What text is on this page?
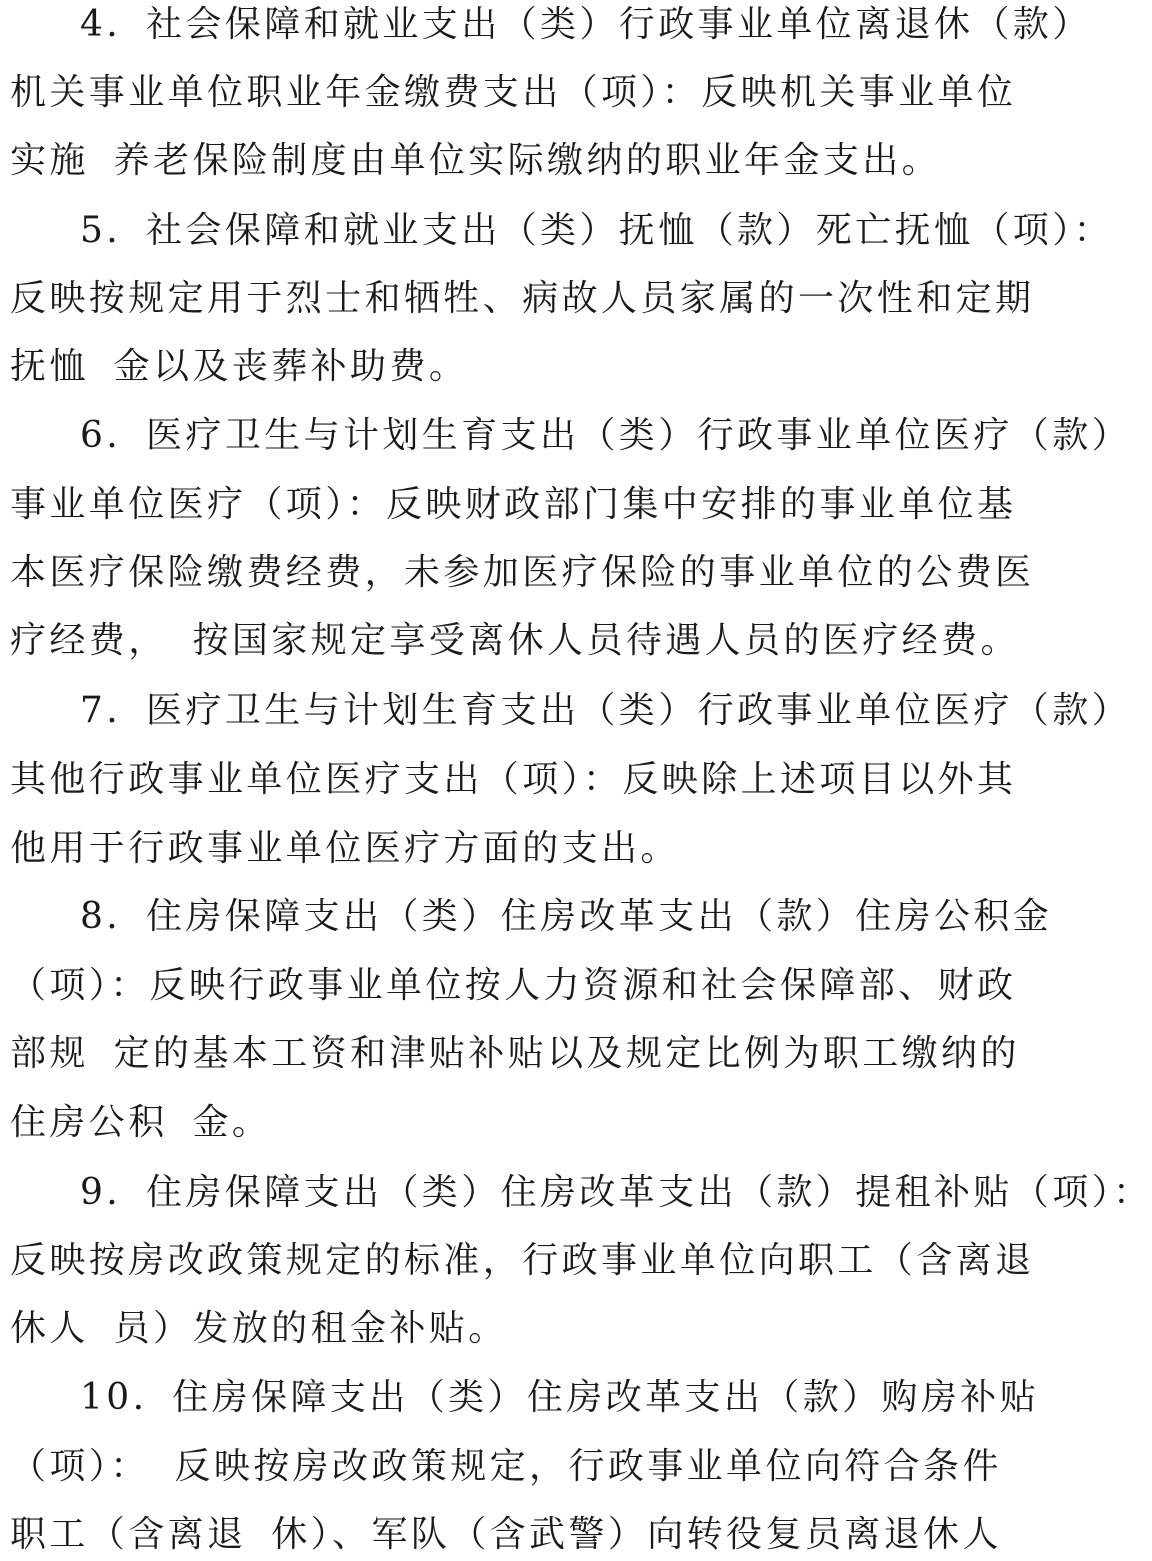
4. 社会保障和就业支出（类）行政事业单位离退休（款）
机关事业单位职业年金缴费支出（项）：反映机关事业单位
实施 养老保险制度由单位实际缴纳的职业年金支出。
5. 社会保障和就业支出（类）抚恤（款）死亡抚恤（项）：
反映按规定用于烈士和牺牲、病故人员家属的一次性和定期
抚恤 金以及丧葬补助费。
6. 医疗卫生与计划生育支出（类）行政事业单位医疗（款）
事业单位医疗（项）：反映财政部门集中安排的事业单位基
本医疗保险缴费经费，未参加医疗保险的事业单位的公费医
疗经费， 按国家规定享受离休人员待遇人员的医疗经费。
7. 医疗卫生与计划生育支出（类）行政事业单位医疗（款）
其他行政事业单位医疗支出（项）：反映除上述项目以外其
他用于行政事业单位医疗方面的支出。
8. 住房保障支出（类）住房改革支出（款）住房公积金
（项）：反映行政事业单位按人力资源和社会保障部、财政
部规 定的基本工资和津贴补贴以及规定比例为职工缴纳的
住房公积 金。
9. 住房保障支出（类）住房改革支出（款）提租补贴（项）：
反映按房改政策规定的标准，行政事业单位向职工（含离退
休人 员）发放的租金补贴。
10. 住房保障支出（类）住房改革支出（款）购房补贴
（项）： 反映按房改政策规定，行政事业单位向符合条件
职工（含离退 休）、军队（含武警）向转役复员离退休人
